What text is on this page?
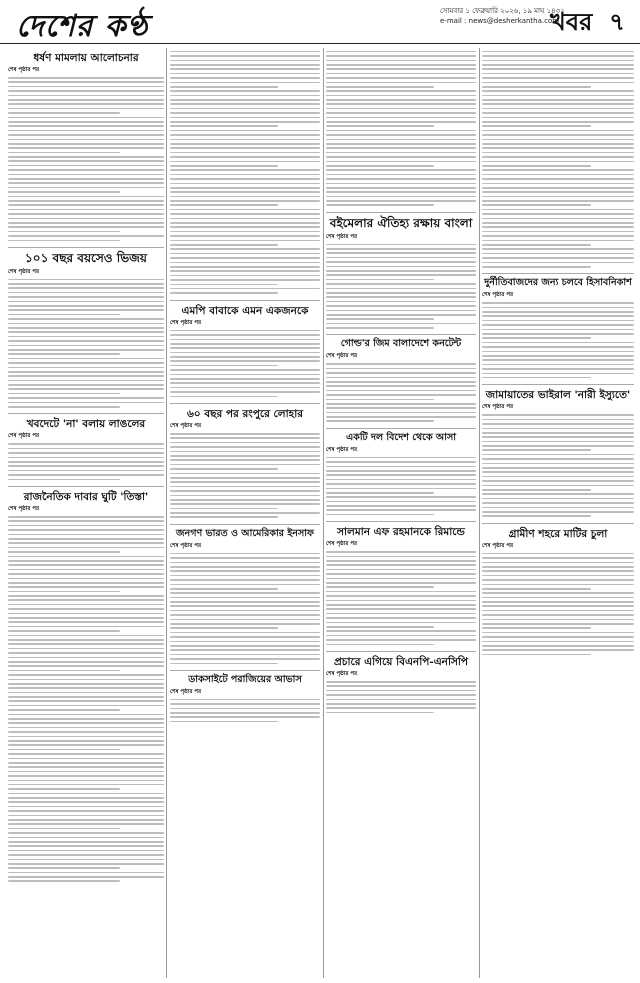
দেশের কণ্ঠ	সোমবার ১ ফেব্রুয়ারি ২০২৬, ১৯ মাঘ ১৪৩২
e-mail : news@desherkantha.com
খবর ৭
ধর্ষণ মামলায় আলোচনার
শেষ পৃষ্ঠার পর
১০১ বছর বয়সেও ভিজয়
শেষ পৃষ্ঠার পর
খবদেটে 'না' বলায় লাঙলের
শেষ পৃষ্ঠার পর
রাজনৈতিক দাবার ঘুটি 'তিস্তা'
শেষ পৃষ্ঠার পর
এমপি বাবাকে এমন একজনকে
শেষ পৃষ্ঠার পর
৬০ বছর পর রংপুরে লোহার
শেষ পৃষ্ঠার পর
জনগণ ভারত ও আমেরিকার ইনসাফ
শেষ পৃষ্ঠার পর
ডাকসাইটে পরাজিয়ের আভাস
শেষ পৃষ্ঠার পর
বইমেলার ঐতিহ্য রক্ষায় বাংলা
শেষ পৃষ্ঠার পর
গোল্ড'র জিম বালাদেশে কনটেন্ট
শেষ পৃষ্ঠার পর
একটি দল বিদেশ থেকে আসা
শেষ পৃষ্ঠার পর
সালমান এফ রহমানকে রিমান্ডে
শেষ পৃষ্ঠার পর
প্রচারে এগিয়ে বিএনপি-এনসিপি
শেষ পৃষ্ঠার পর
দুর্নীতিবাজদের জন্য চলবে হিসাবনিকাশ
শেষ পৃষ্ঠার পর
জামায়াতের ভাইরাল 'নারী ইস্যুতে'
শেষ পৃষ্ঠার পর
গ্রামীণ শহরে মাটির চুলা
শেষ পৃষ্ঠার পর
